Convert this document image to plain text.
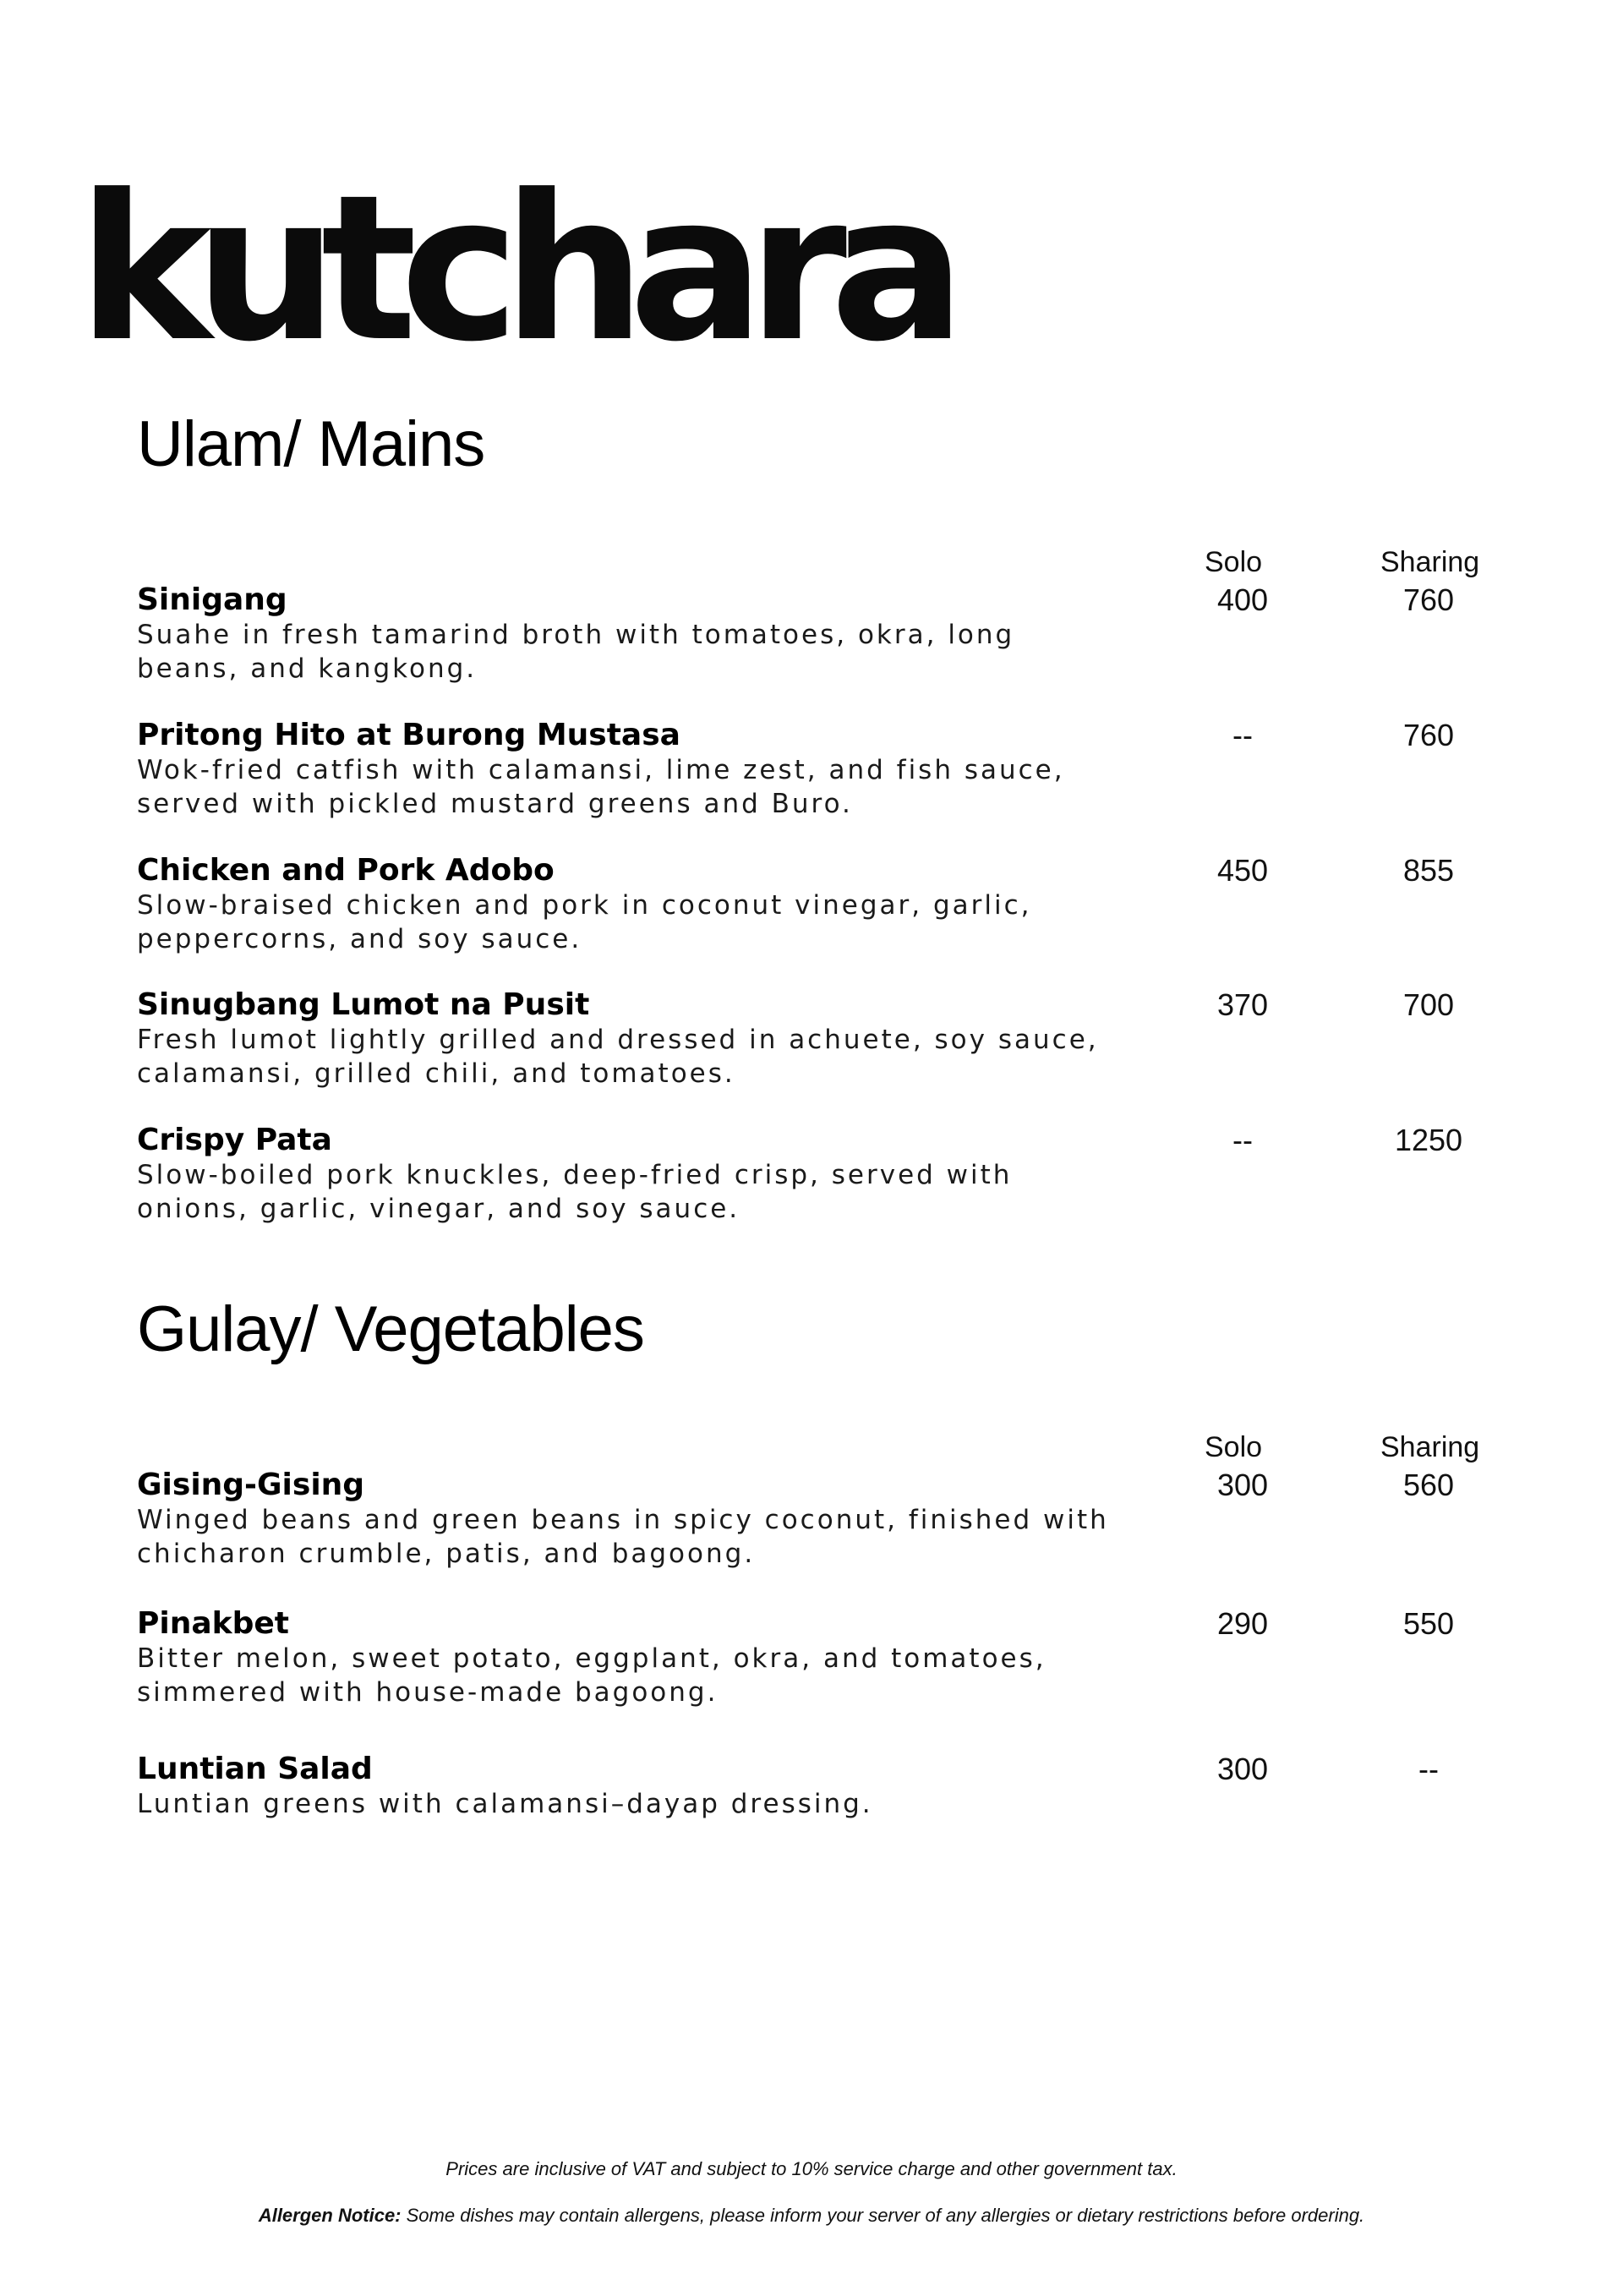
kutchara
Ulam/ Mains
Solo	Sharing

Sinigang

Suahe in fresh tamarind broth with tomatoes, okra, long beans, and kangkong.

400	760

Pritong Hito at Burong Mustasa

Wok-fried catfish with calamansi, lime zest, and fish sauce, served with pickled mustard greens and Buro.

--	760

Chicken and Pork Adobo

Slow-braised chicken and pork in coconut vinegar, garlic, peppercorns, and soy sauce.

450	855

Sinugbang Lumot na Pusit

Fresh lumot lightly grilled and dressed in achuete, soy sauce, calamansi, grilled chili, and tomatoes.

370	700

Crispy Pata

Slow-boiled pork knuckles, deep-fried crisp, served with onions, garlic, vinegar, and soy sauce.

--	1250
Gulay/ Vegetables
Solo	Sharing

Gising-Gising

Winged beans and green beans in spicy coconut, finished with chicharon crumble, patis, and bagoong.

300	560

Pinakbet

Bitter melon, sweet potato, eggplant, okra, and tomatoes, simmered with house-made bagoong.

290	550

Luntian Salad

Luntian greens with calamansi–dayap dressing.

300	--
Prices are inclusive of VAT and subject to 10% service charge and other government tax.
Allergen Notice: Some dishes may contain allergens, please inform your server of any allergies or dietary restrictions before ordering.
